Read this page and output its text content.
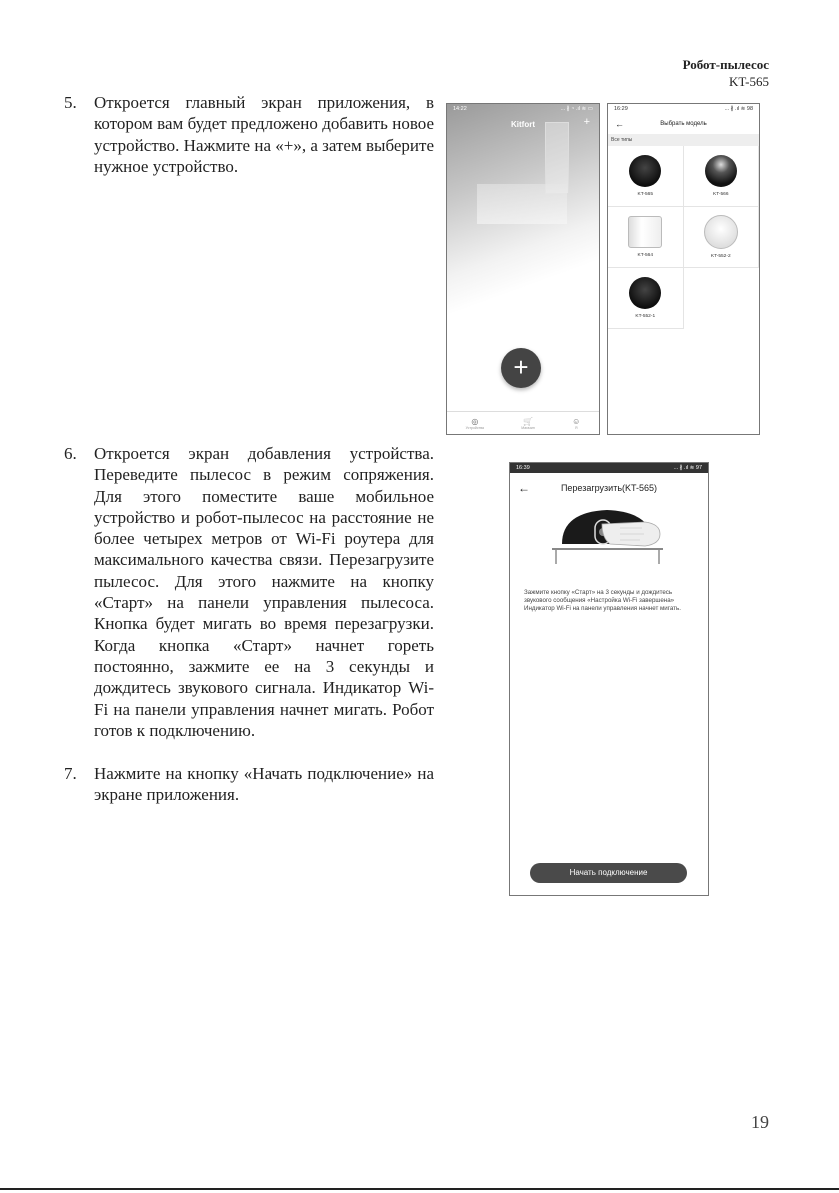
Робот-пылесос
KT-565
5. Откроется главный экран приложения, в котором вам будет предложено добавить новое устройство. Нажмите на «+», а затем выберите нужное устройство.
6. Откроется экран добавления устройства. Переведите пылесос в режим сопряжения. Для этого поместите ваше мобильное устройство и робот-пылесос на расстояние не более четырех метров от Wi-Fi роутера для максимального качества связи. Перезагрузите пылесос. Для этого нажмите на кнопку «Старт» на панели управления пылесоса. Кнопка будет мигать во время перезагрузки. Когда кнопка «Старт» начнет гореть постоянно, зажмите ее на 3 секунды и дождитесь звукового сигнала. Индикатор Wi-Fi на панели управления начнет мигать. Робот готов к подключению.
7. Нажмите на кнопку «Начать подключение» на экране приложения.
14:22	... ∦ ◔ .ıl ≋ ▭
Kitfort	+
+
◎
Устройства
🛒
Магазин
☺
Я
16:29	... ∦ .ıl ≋ 98
←	Выбрать модель
Все типы
KT-565	KT-566
KT-564	KT-552-2
KT-552-1
16:39	... ∦ .ıl ≋ 97
←	Перезагрузить(KT-565)
Зажмите кнопку «Старт» на 3 секунды и дождитесь звукового сообщения «Настройка Wi-Fi завершена» Индикатор Wi-Fi на панели управления начнет мигать.
Начать подключение
19
